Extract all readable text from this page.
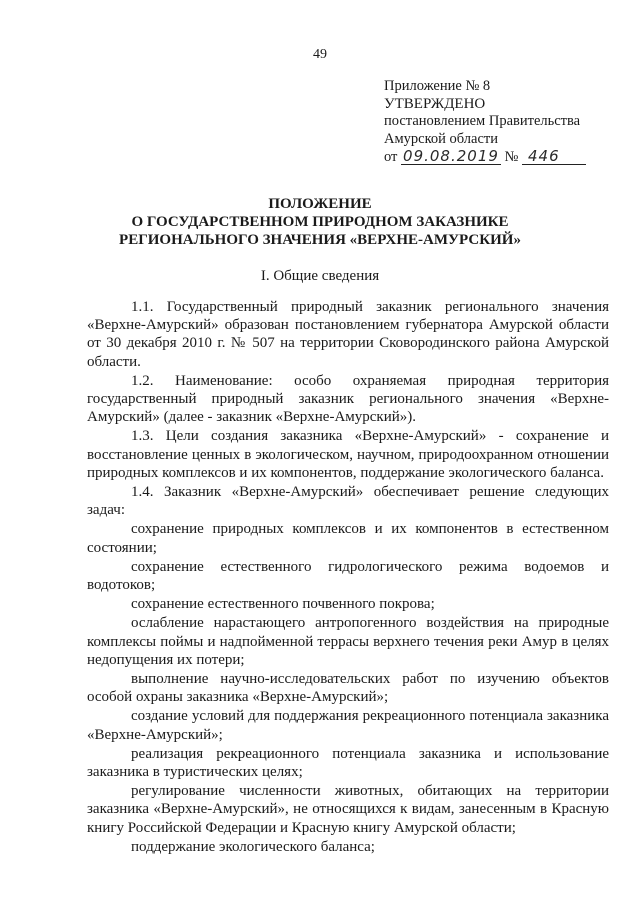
49
Приложение № 8
УТВЕРЖДЕНО
постановлением Правительства
Амурской области
от 09.08.2019 № 446
ПОЛОЖЕНИЕ
О ГОСУДАРСТВЕННОМ ПРИРОДНОМ ЗАКАЗНИКЕ
РЕГИОНАЛЬНОГО ЗНАЧЕНИЯ «ВЕРХНЕ-АМУРСКИЙ»
I. Общие сведения

1.1. Государственный природный заказник регионального значения «Верхне-Амурский» образован постановлением губернатора Амурской области от 30 декабря 2010 г. № 507 на территории Сковородинского района Амурской области.

1.2. Наименование: особо охраняемая природная территория государственный природный заказник регионального значения «Верхне-Амурский» (далее - заказник «Верхне-Амурский»).

1.3. Цели создания заказника «Верхне-Амурский» - сохранение и восстановление ценных в экологическом, научном, природоохранном отношении природных комплексов и их компонентов, поддержание экологического баланса.

1.4. Заказник «Верхне-Амурский» обеспечивает решение следующих задач:

сохранение природных комплексов и их компонентов в естественном состоянии;

сохранение естественного гидрологического режима водоемов и водотоков;

сохранение естественного почвенного покрова;

ослабление нарастающего антропогенного воздействия на природные комплексы поймы и надпойменной террасы верхнего течения реки Амур в целях недопущения их потери;

выполнение научно-исследовательских работ по изучению объектов особой охраны заказника «Верхне-Амурский»;

создание условий для поддержания рекреационного потенциала заказника «Верхне-Амурский»;

реализация рекреационного потенциала заказника и использование заказника в туристических целях;

регулирование численности животных, обитающих на территории заказника «Верхне-Амурский», не относящихся к видам, занесенным в Красную книгу Российской Федерации и Красную книгу Амурской области;

поддержание экологического баланса;
